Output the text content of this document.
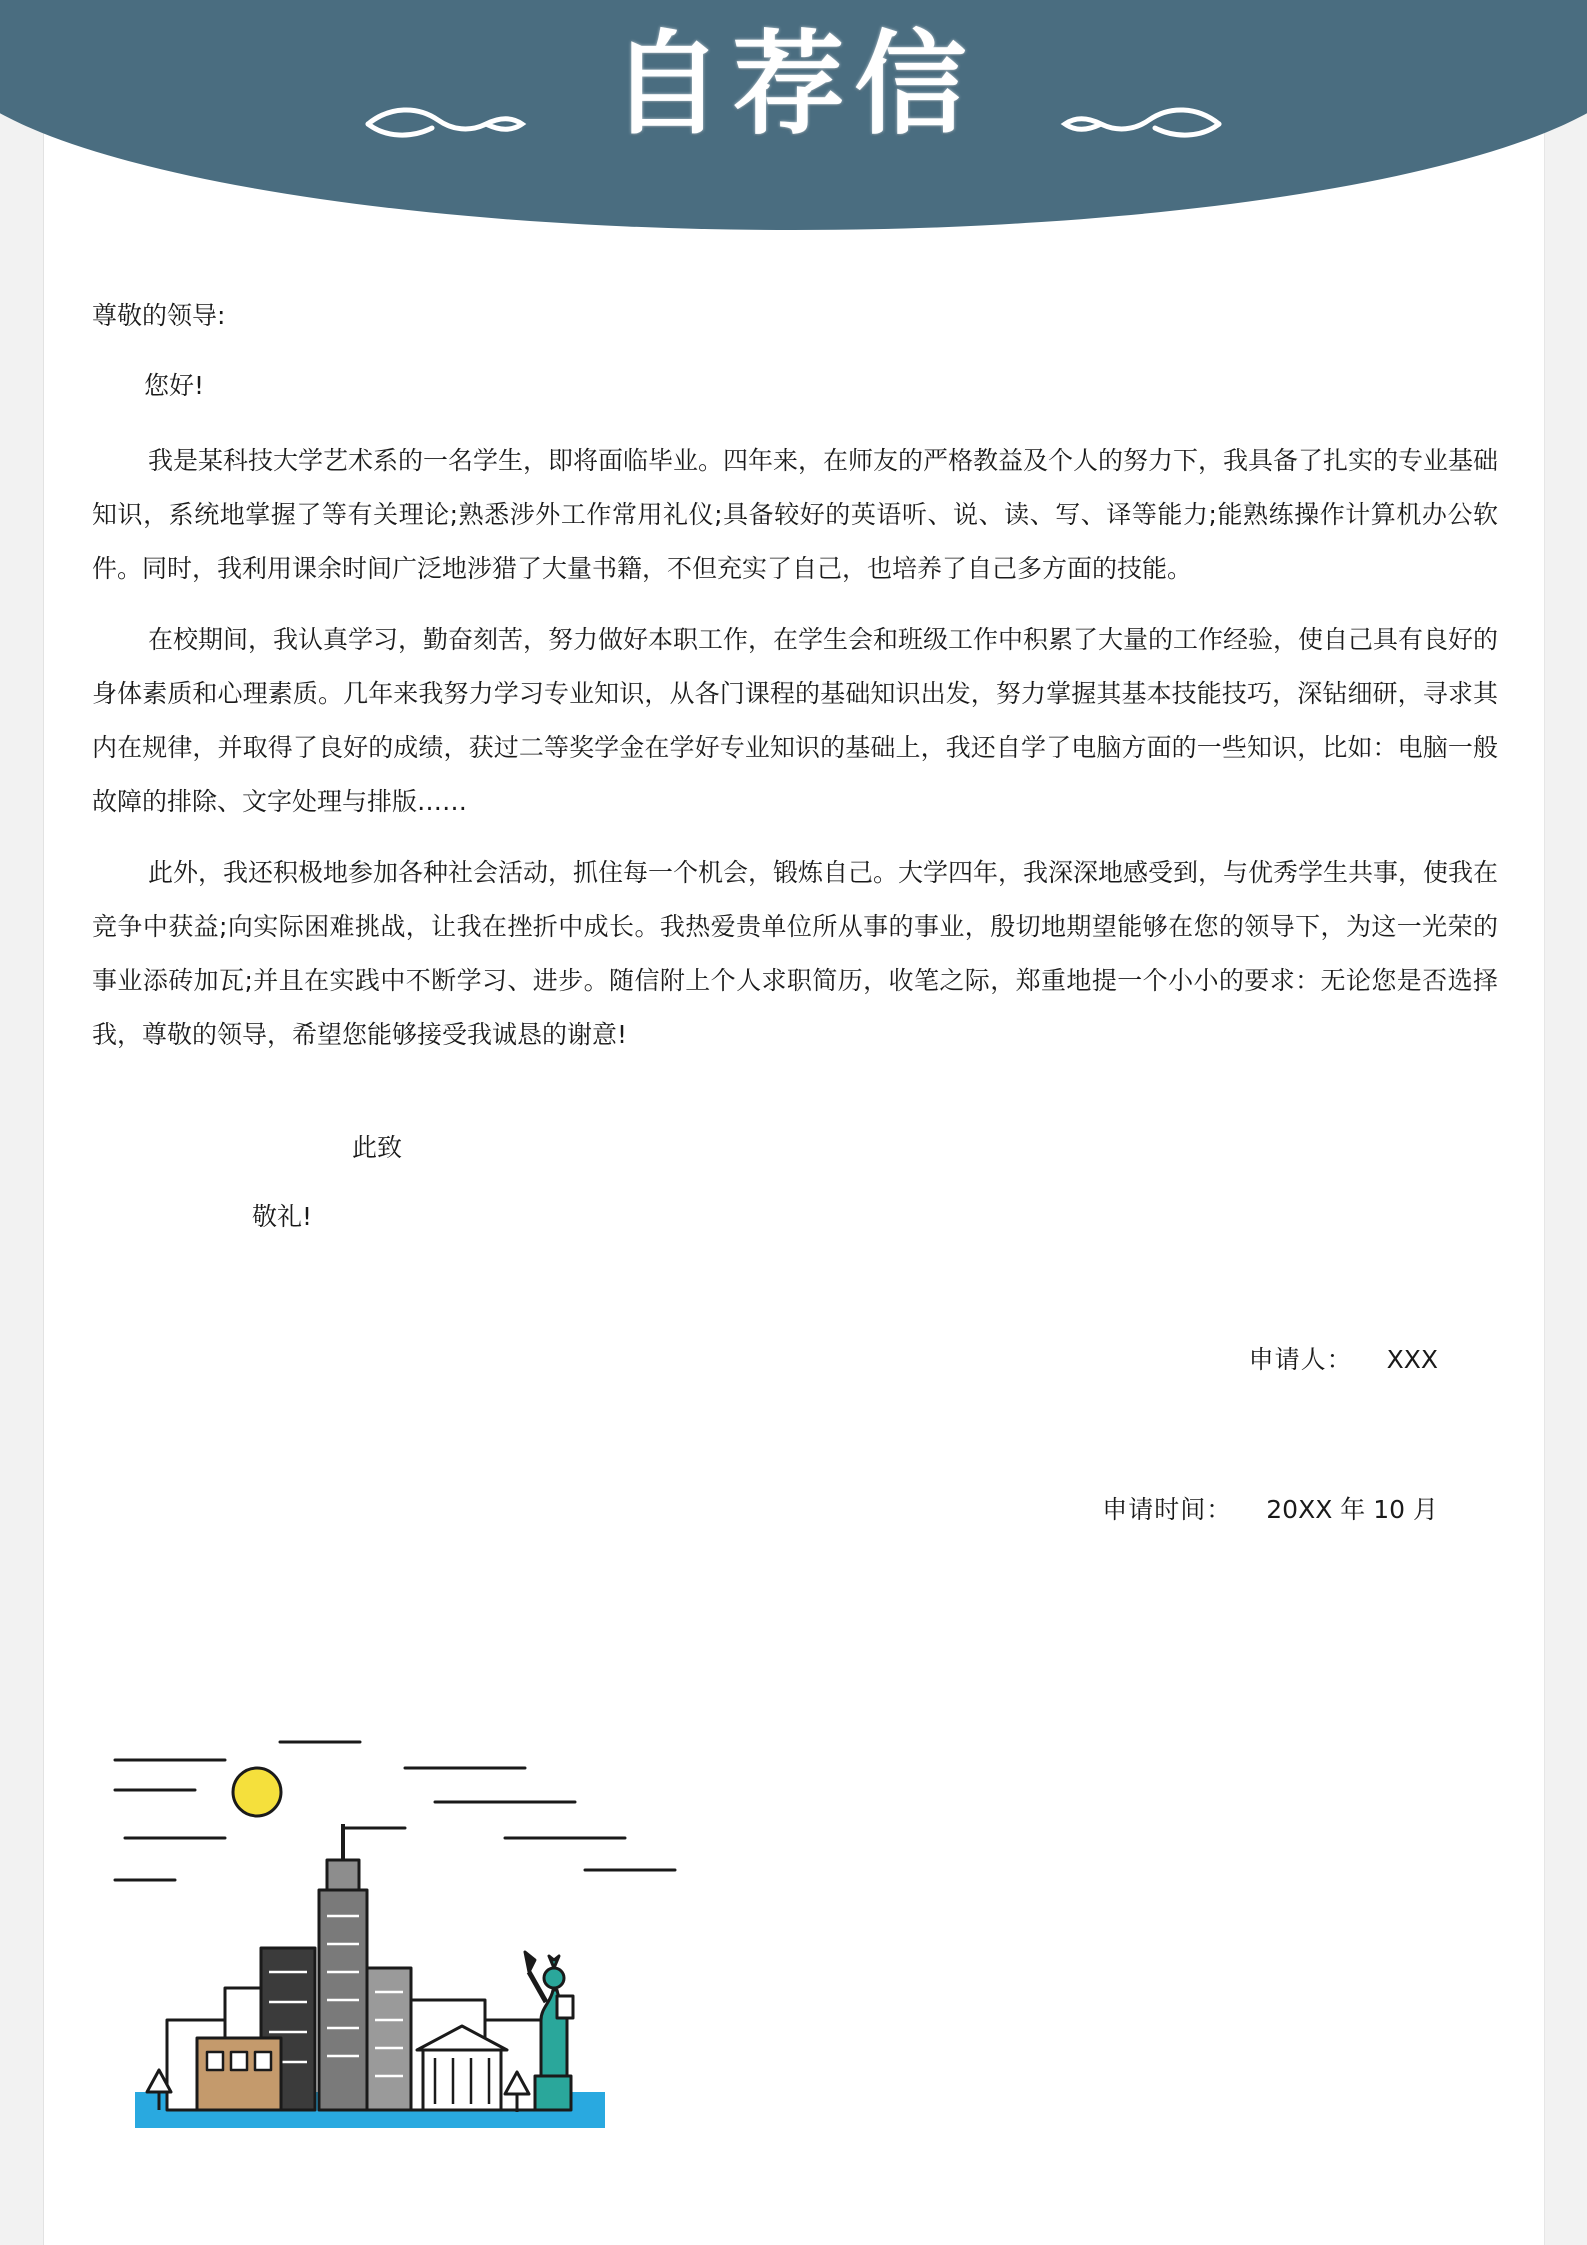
自荐信
尊敬的领导:
您好!

我是某科技大学艺术系的一名学生，即将面临毕业。四年来，在师友的严格教益及个人的努力下，我具备了扎实的专业基础知识，系统地掌握了等有关理论;熟悉涉外工作常用礼仪;具备较好的英语听、说、读、写、译等能力;能熟练操作计算机办公软件。同时，我利用课余时间广泛地涉猎了大量书籍，不但充实了自己，也培养了自己多方面的技能。

在校期间，我认真学习，勤奋刻苦，努力做好本职工作，在学生会和班级工作中积累了大量的工作经验，使自己具有良好的身体素质和心理素质。几年来我努力学习专业知识，从各门课程的基础知识出发，努力掌握其基本技能技巧，深钻细研，寻求其内在规律，并取得了良好的成绩，获过二等奖学金在学好专业知识的基础上，我还自学了电脑方面的一些知识，比如：电脑一般故障的排除、文字处理与排版……

此外，我还积极地参加各种社会活动，抓住每一个机会，锻炼自己。大学四年，我深深地感受到，与优秀学生共事，使我在竞争中获益;向实际困难挑战，让我在挫折中成长。我热爱贵单位所从事的事业，殷切地期望能够在您的领导下，为这一光荣的事业添砖加瓦;并且在实践中不断学习、进步。随信附上个人求职简历，收笔之际，郑重地提一个小小的要求：无论您是否选择我，尊敬的领导，希望您能够接受我诚恳的谢意!

此致
敬礼!

申请人： XXX

申请时间： 20XX 年 10 月
